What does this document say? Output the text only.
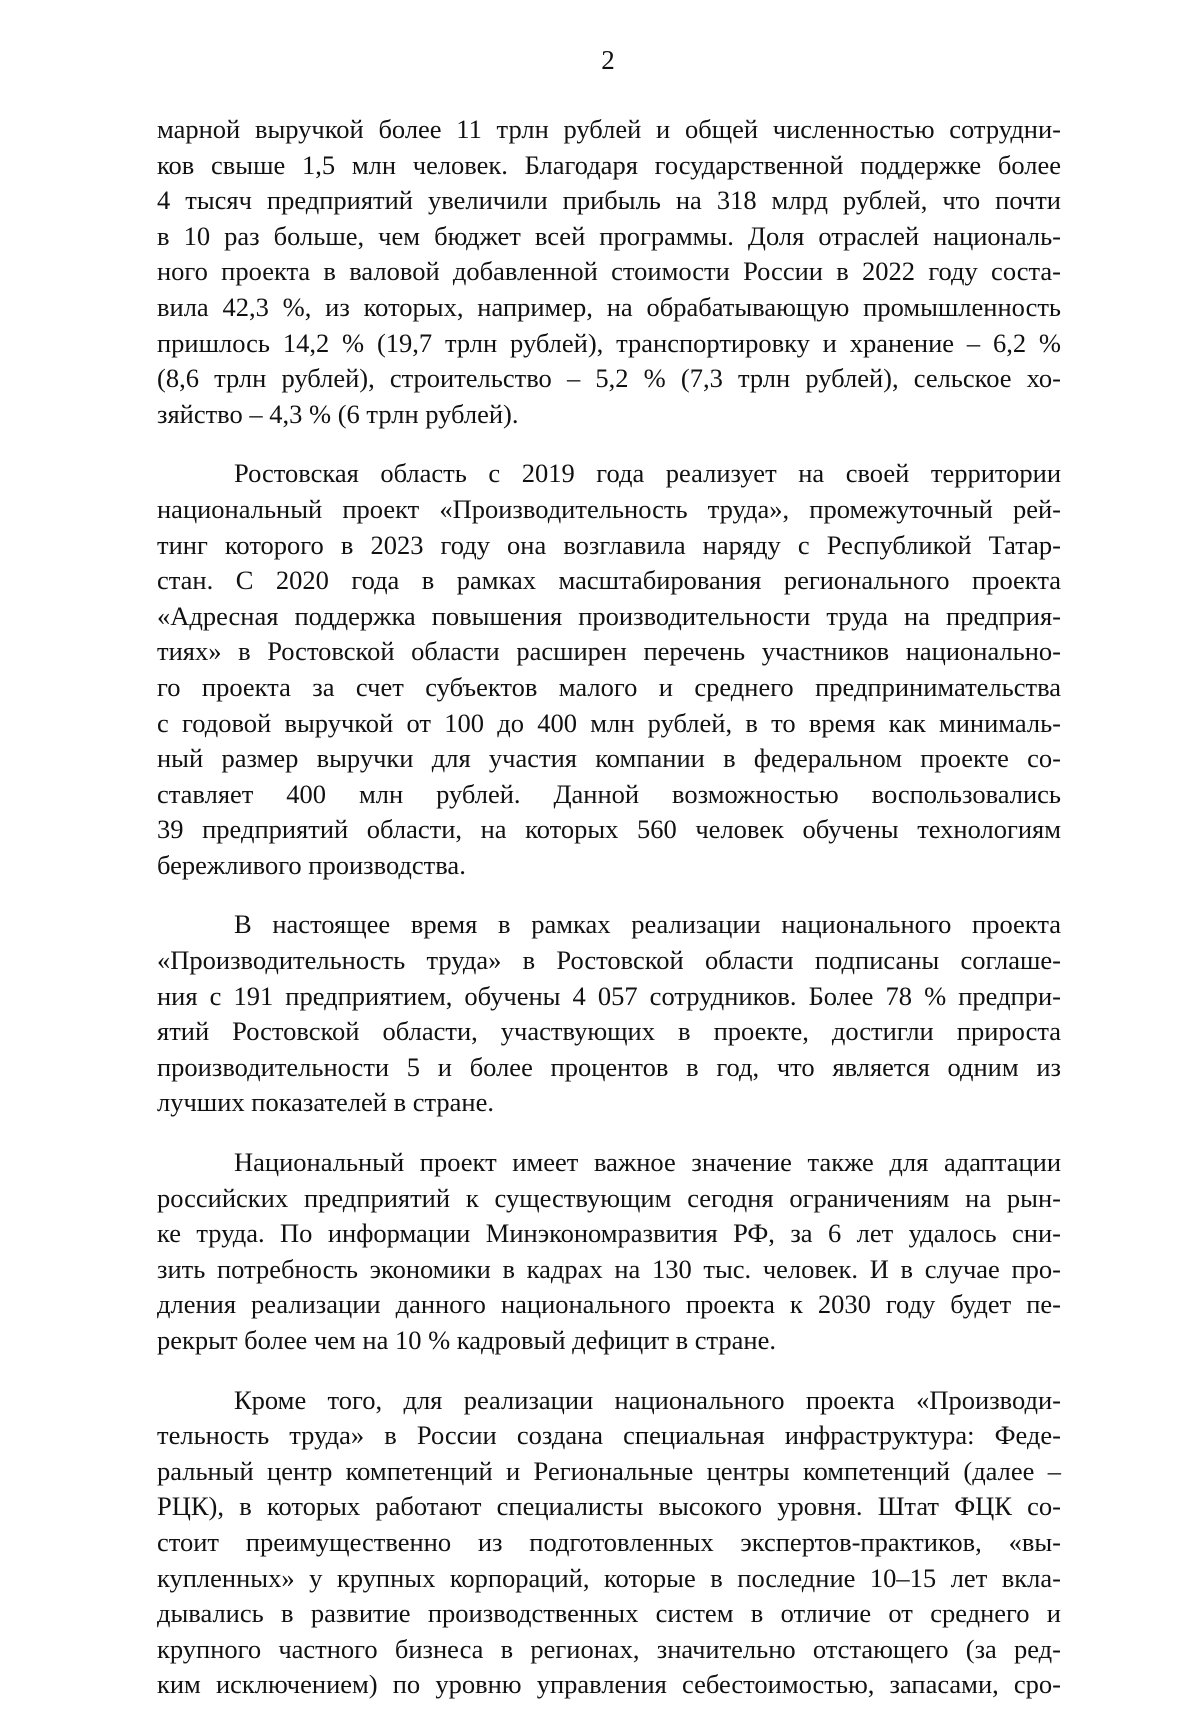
2
марной выручкой более 11 трлн рублей и общей численностью сотрудни-
ков свыше 1,5 млн человек. Благодаря государственной поддержке более
4 тысяч предприятий увеличили прибыль на 318 млрд рублей, что почти
в 10 раз больше, чем бюджет всей программы. Доля отраслей националь-
ного проекта в валовой добавленной стоимости России в 2022 году соста-
вила 42,3 %, из которых, например, на обрабатывающую промышленность
пришлось 14,2 % (19,7 трлн рублей), транспортировку и хранение – 6,2 %
(8,6 трлн рублей), строительство – 5,2 % (7,3 трлн рублей), сельское хо-
зяйство – 4,3 % (6 трлн рублей).
Ростовская область с 2019 года реализует на своей территории
национальный проект «Производительность труда», промежуточный рей-
тинг которого в 2023 году она возглавила наряду с Республикой Татар-
стан. С 2020 года в рамках масштабирования регионального проекта
«Адресная поддержка повышения производительности труда на предприя-
тиях» в Ростовской области расширен перечень участников национально-
го проекта за счет субъектов малого и среднего предпринимательства
с годовой выручкой от 100 до 400 млн рублей, в то время как минималь-
ный размер выручки для участия компании в федеральном проекте со-
ставляет 400 млн рублей. Данной возможностью воспользовались
39 предприятий области, на которых 560 человек обучены технологиям
бережливого производства.
В настоящее время в рамках реализации национального проекта
«Производительность труда» в Ростовской области подписаны соглаше-
ния с 191 предприятием, обучены 4 057 сотрудников. Более 78 % предпри-
ятий Ростовской области, участвующих в проекте, достигли прироста
производительности 5 и более процентов в год, что является одним из
лучших показателей в стране.
Национальный проект имеет важное значение также для адаптации
российских предприятий к существующим сегодня ограничениям на рын-
ке труда. По информации Минэкономразвития РФ, за 6 лет удалось сни-
зить потребность экономики в кадрах на 130 тыс. человек. И в случае про-
дления реализации данного национального проекта к 2030 году будет пе-
рекрыт более чем на 10 % кадровый дефицит в стране.
Кроме того, для реализации национального проекта «Производи-
тельность труда» в России создана специальная инфраструктура: Феде-
ральный центр компетенций и Региональные центры компетенций (далее –
РЦК), в которых работают специалисты высокого уровня. Штат ФЦК со-
стоит преимущественно из подготовленных экспертов-практиков, «вы-
купленных» у крупных корпораций, которые в последние 10–15 лет вкла-
дывались в развитие производственных систем в отличие от среднего и
крупного частного бизнеса в регионах, значительно отстающего (за ред-
ким исключением) по уровню управления себестоимостью, запасами, сро-
